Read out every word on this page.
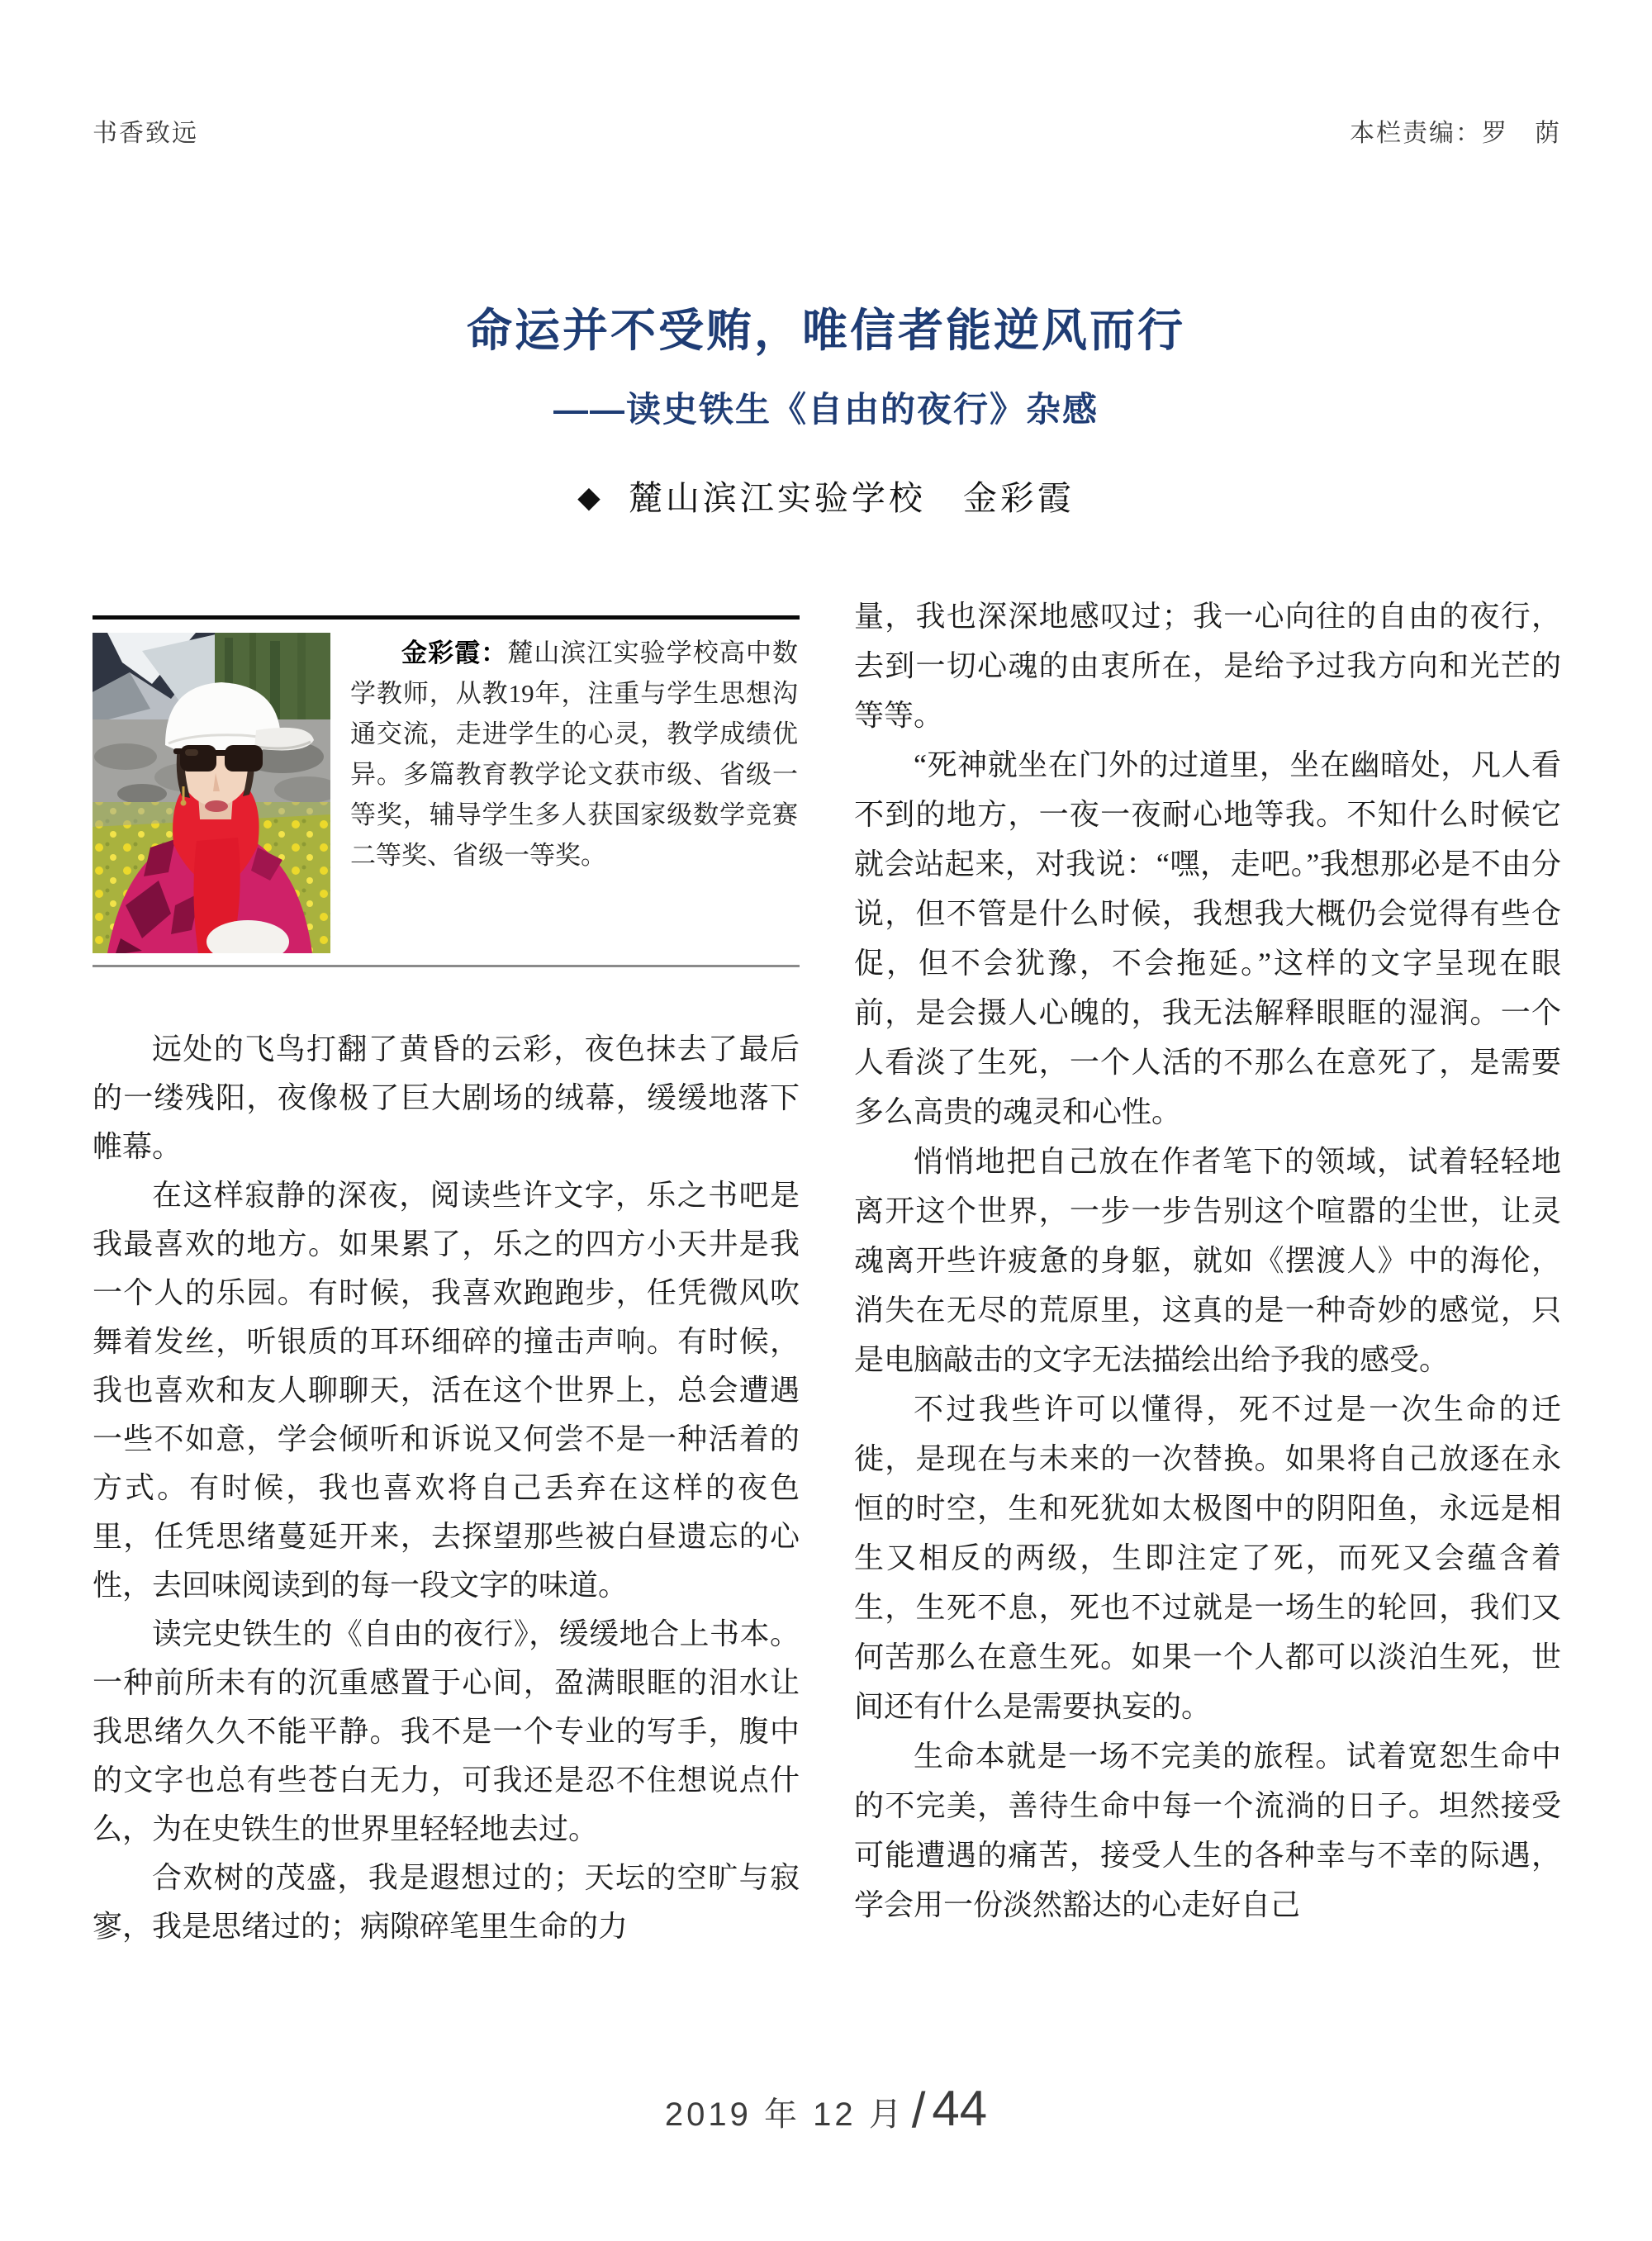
书香致远	本栏责编：罗　荫
命运并不受贿，唯信者能逆风而行
——读史铁生《自由的夜行》杂感
◆ 麓山滨江实验学校　金彩霞

金彩霞：麓山滨江实验学校高中数学教师，从教19年，注重与学生思想沟通交流，走进学生的心灵，教学成绩优异。多篇教育教学论文获市级、省级一等奖，辅导学生多人获国家级数学竞赛二等奖、省级一等奖。

远处的飞鸟打翻了黄昏的云彩，夜色抹去了最后的一缕残阳，夜像极了巨大剧场的绒幕，缓缓地落下帷幕。

在这样寂静的深夜，阅读些许文字，乐之书吧是我最喜欢的地方。如果累了，乐之的四方小天井是我一个人的乐园。有时候，我喜欢跑跑步，任凭微风吹舞着发丝，听银质的耳环细碎的撞击声响。有时候，我也喜欢和友人聊聊天，活在这个世界上，总会遭遇一些不如意，学会倾听和诉说又何尝不是一种活着的方式。有时候，我也喜欢将自己丢弃在这样的夜色里，任凭思绪蔓延开来，去探望那些被白昼遗忘的心性，去回味阅读到的每一段文字的味道。

读完史铁生的《自由的夜行》，缓缓地合上书本。一种前所未有的沉重感置于心间，盈满眼眶的泪水让我思绪久久不能平静。我不是一个专业的写手，腹中的文字也总有些苍白无力，可我还是忍不住想说点什么，为在史铁生的世界里轻轻地去过。

合欢树的茂盛，我是遐想过的；天坛的空旷与寂寥，我是思绪过的；病隙碎笔里生命的力

量，我也深深地感叹过；我一心向往的自由的夜行，去到一切心魂的由衷所在，是给予过我方向和光芒的等等。

“死神就坐在门外的过道里，坐在幽暗处，凡人看不到的地方，一夜一夜耐心地等我。不知什么时候它就会站起来，对我说：“嘿，走吧。”我想那必是不由分说，但不管是什么时候，我想我大概仍会觉得有些仓促，但不会犹豫，不会拖延。”这样的文字呈现在眼前，是会摄人心魄的，我无法解释眼眶的湿润。一个人看淡了生死，一个人活的不那么在意死了，是需要多么高贵的魂灵和心性。

悄悄地把自己放在作者笔下的领域，试着轻轻地离开这个世界，一步一步告别这个喧嚣的尘世，让灵魂离开些许疲惫的身躯，就如《摆渡人》中的海伦，消失在无尽的荒原里，这真的是一种奇妙的感觉，只是电脑敲击的文字无法描绘出给予我的感受。

不过我些许可以懂得，死不过是一次生命的迁徙，是现在与未来的一次替换。如果将自己放逐在永恒的时空，生和死犹如太极图中的阴阳鱼，永远是相生又相反的两级，生即注定了死，而死又会蕴含着生，生死不息，死也不过就是一场生的轮回，我们又何苦那么在意生死。如果一个人都可以淡泊生死，世间还有什么是需要执妄的。

生命本就是一场不完美的旅程。试着宽恕生命中的不完美，善待生命中每一个流淌的日子。坦然接受可能遭遇的痛苦，接受人生的各种幸与不幸的际遇，学会用一份淡然豁达的心走好自己

2019 年 12 月 / 44
